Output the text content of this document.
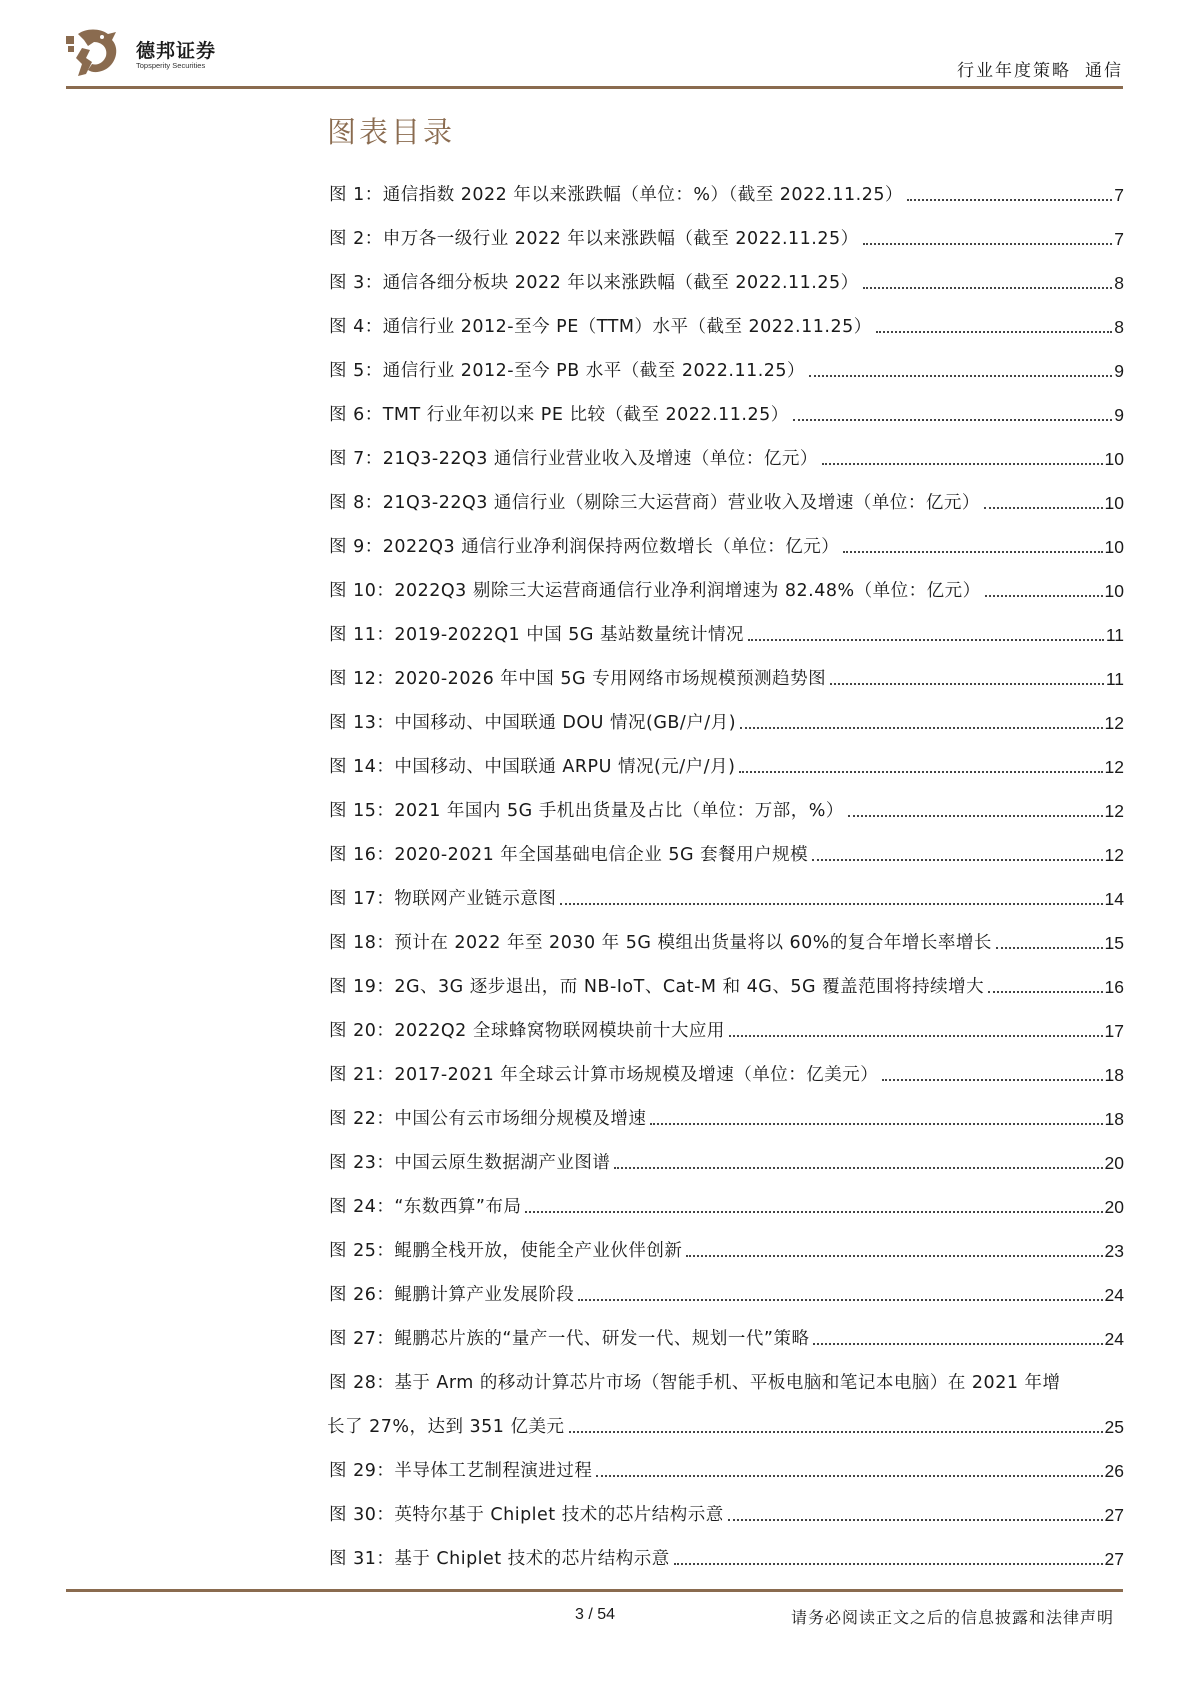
德邦证券
Topsperity Securities	行业年度策略 通信
图表目录
图 1：通信指数 2022 年以来涨跌幅（单位：%）（截至 2022.11.25）	7
图 2：申万各一级行业 2022 年以来涨跌幅（截至 2022.11.25）	7
图 3：通信各细分板块 2022 年以来涨跌幅（截至 2022.11.25）	8
图 4：通信行业 2012-至今 PE（TTM）水平（截至 2022.11.25）	8
图 5：通信行业 2012-至今 PB 水平（截至 2022.11.25）	9
图 6：TMT 行业年初以来 PE 比较（截至 2022.11.25）	9
图 7：21Q3-22Q3 通信行业营业收入及增速（单位：亿元）	10
图 8：21Q3-22Q3 通信行业（剔除三大运营商）营业收入及增速（单位：亿元）	10
图 9：2022Q3 通信行业净利润保持两位数增长（单位：亿元）	10
图 10：2022Q3 剔除三大运营商通信行业净利润增速为 82.48%（单位：亿元）	10
图 11：2019-2022Q1 中国 5G 基站数量统计情况	11
图 12：2020-2026 年中国 5G 专用网络市场规模预测趋势图	11
图 13：中国移动、中国联通 DOU 情况(GB/户/月)	12
图 14：中国移动、中国联通 ARPU 情况(元/户/月)	12
图 15：2021 年国内 5G 手机出货量及占比（单位：万部，%）	12
图 16：2020-2021 年全国基础电信企业 5G 套餐用户规模	12
图 17：物联网产业链示意图	14
图 18：预计在 2022 年至 2030 年 5G 模组出货量将以 60%的复合年增长率增长	15
图 19：2G、3G 逐步退出，而 NB-IoT、Cat-M 和 4G、5G 覆盖范围将持续增大	16
图 20：2022Q2 全球蜂窝物联网模块前十大应用	17
图 21：2017-2021 年全球云计算市场规模及增速（单位：亿美元）	18
图 22：中国公有云市场细分规模及增速	18
图 23：中国云原生数据湖产业图谱	20
图 24：“东数西算”布局	20
图 25：鲲鹏全栈开放，使能全产业伙伴创新	23
图 26：鲲鹏计算产业发展阶段	24
图 27：鲲鹏芯片族的“量产一代、研发一代、规划一代”策略	24
图 28：基于 Arm 的移动计算芯片市场（智能手机、平板电脑和笔记本电脑）在 2021 年增
长了 27%，达到 351 亿美元	25
图 29：半导体工艺制程演进过程	26
图 30：英特尔基于 Chiplet 技术的芯片结构示意	27
图 31：基于 Chiplet 技术的芯片结构示意	27
3 / 54	请务必阅读正文之后的信息披露和法律声明
